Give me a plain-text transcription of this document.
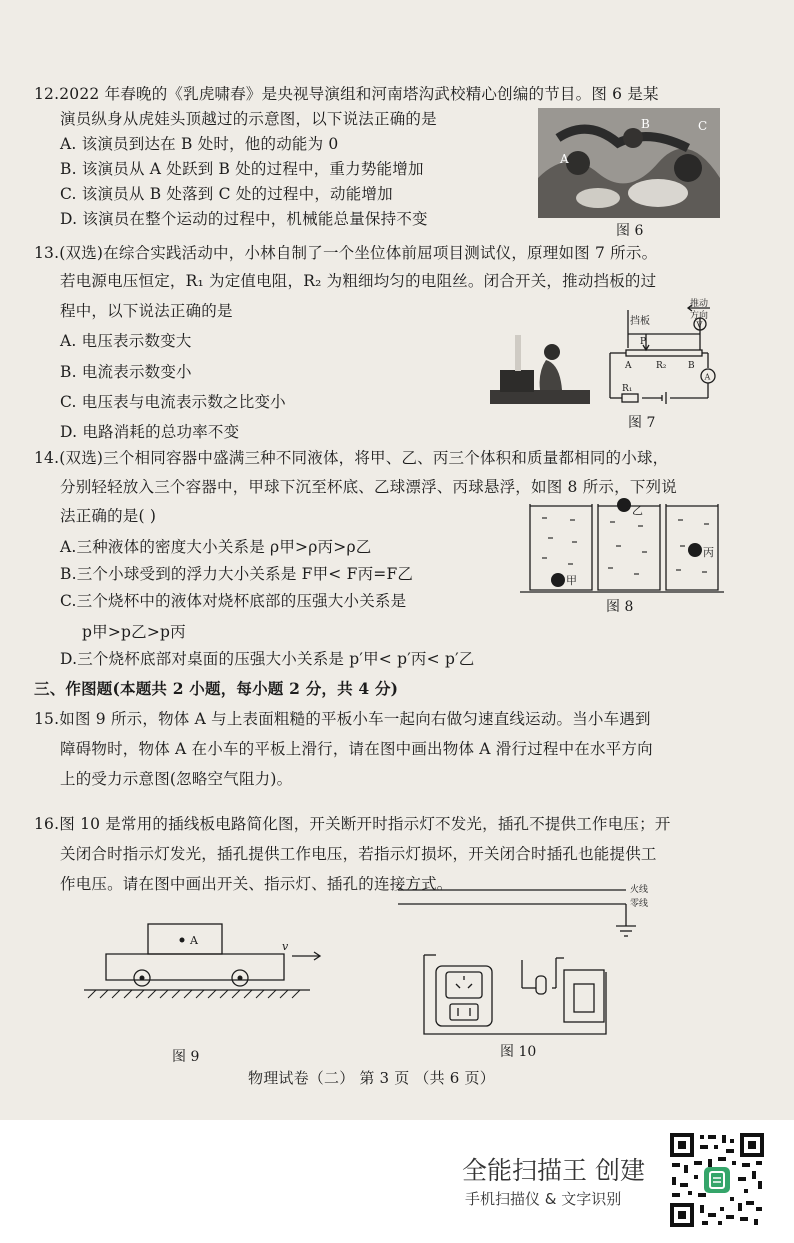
12.2022 年春晚的《乳虎啸春》是央视导演组和河南塔沟武校精心创编的节目。图 6 是某
演员纵身从虎娃头顶越过的示意图，以下说法正确的是
A. 该演员到达在 B 处时，他的动能为 0
B. 该演员从 A 处跃到 B 处的过程中，重力势能增加
C. 该演员从 B 处落到 C 处的过程中，动能增加
D. 该演员在整个运动的过程中，机械能总量保持不变
B
A
C
图 6
13.(双选)在综合实践活动中，小林自制了一个坐位体前屈项目测试仪，原理如图 7 所示。
若电源电压恒定，R₁ 为定值电阻，R₂ 为粗细均匀的电阻丝。闭合开关，推动挡板的过
程中，以下说法正确的是
A. 电压表示数变大
B. 电流表示数变小
C. 电压表与电流表示数之比变小
D. 电路消耗的总功率不变
挡板
推动
方向
P
A	R₂ B
R₁
V
A
图 7
14.(双选)三个相同容器中盛满三种不同液体，将甲、乙、丙三个体积和质量都相同的小球，
分别轻轻放入三个容器中，甲球下沉至杯底、乙球漂浮、丙球悬浮，如图 8 所示，下列说
法正确的是( )
A.三种液体的密度大小关系是 ρ甲>ρ丙>ρ乙
B.三个小球受到的浮力大小关系是 F甲< F丙=F乙
C.三个烧杯中的液体对烧杯底部的压强大小关系是
p甲>p乙>p丙
D.三个烧杯底部对桌面的压强大小关系是 p′甲< p′丙< p′乙
甲
乙
丙
图 8
三、作图题(本题共 2 小题，每小题 2 分，共 4 分)
15.如图 9 所示，物体 A 与上表面粗糙的平板小车一起向右做匀速直线运动。当小车遇到
障碍物时，物体 A 在小车的平板上滑行，请在图中画出物体 A 滑行过程中在水平方向
上的受力示意图(忽略空气阻力)。
16.图 10 是常用的插线板电路简化图，开关断开时指示灯不发光，插孔不提供工作电压；开
关闭合时指示灯发光，插孔提供工作电压，若指示灯损坏，开关闭合时插孔也能提供工
作电压。请在图中画出开关、指示灯、插孔的连接方式。
A	v
图 9
火线
零线
图 10
物理试卷（二） 第 3 页 （共 6 页）
全能扫描王 创建
手机扫描仪 & 文字识别
